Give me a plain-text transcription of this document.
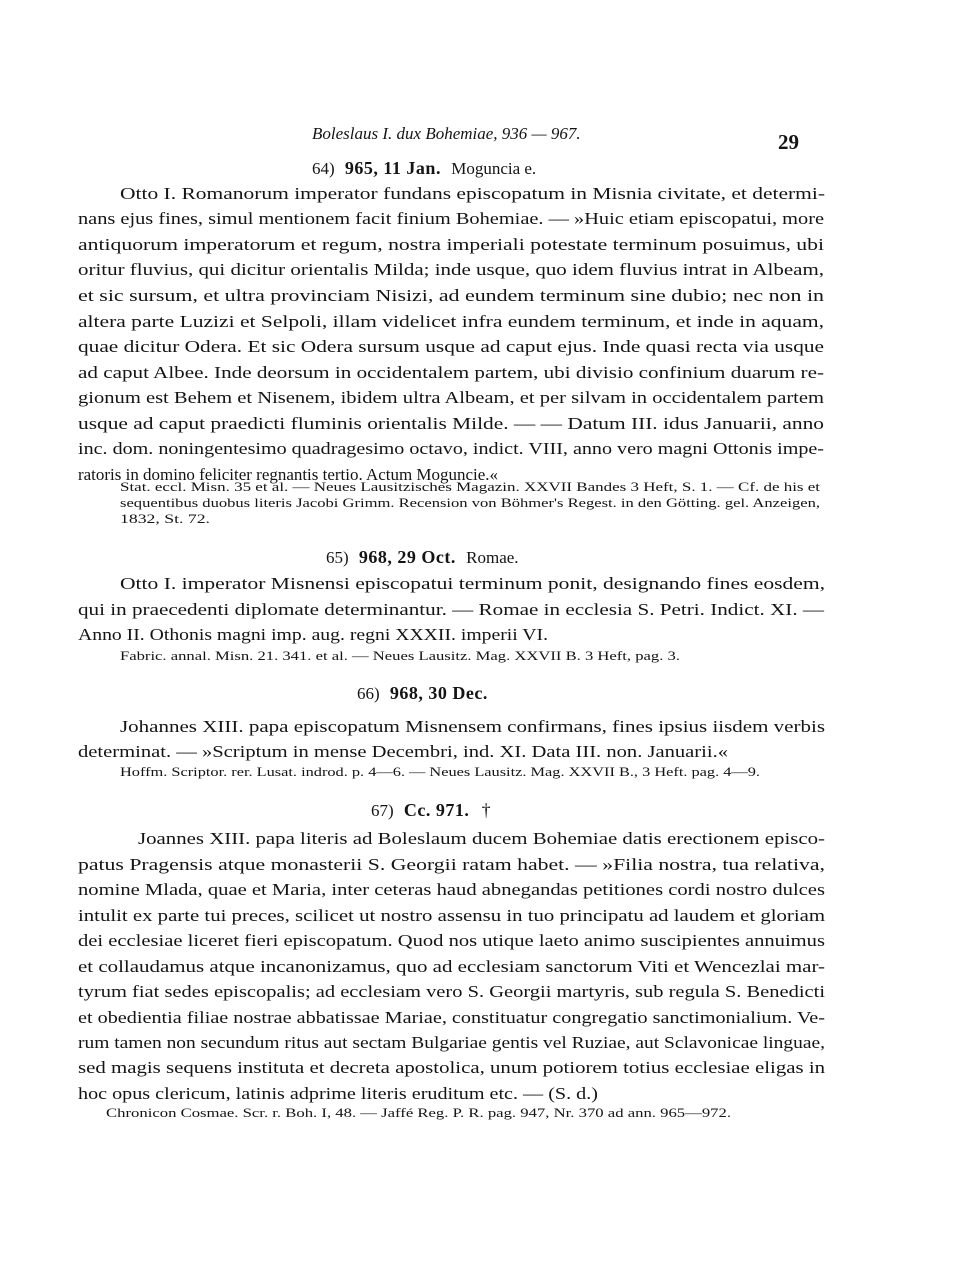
Boleslaus I. dux Bohemiae, 936 — 967.	29
64) 965, 11 Jan. Moguncia e.
Otto I. Romanorum imperator fundans episcopatum in Misnia civitate, et determi-
nans ejus fines, simul mentionem facit finium Bohemiae. — »Huic etiam episcopatui, more
antiquorum imperatorum et regum, nostra imperiali potestate terminum posuimus, ubi
oritur fluvius, qui dicitur orientalis Milda; inde usque, quo idem fluvius intrat in Albeam,
et sic sursum, et ultra provinciam Nisizi, ad eundem terminum sine dubio; nec non in
altera parte Luzizi et Selpoli, illam videlicet infra eundem terminum, et inde in aquam,
quae dicitur Odera. Et sic Odera sursum usque ad caput ejus. Inde quasi recta via usque
ad caput Albee. Inde deorsum in occidentalem partem, ubi divisio confinium duarum re-
gionum est Behem et Nisenem, ibidem ultra Albeam, et per silvam in occidentalem partem
usque ad caput praedicti fluminis orientalis Milde. — — Datum III. idus Januarii, anno
inc. dom. noningentesimo quadragesimo octavo, indict. VIII, anno vero magni Ottonis impe-
ratoris in domino feliciter regnantis tertio. Actum Moguncie.«
Stat. eccl. Misn. 35 et al. — Neues Lausitzisches Magazin. XXVII Bandes 3 Heft, S. 1. — Cf. de his et
sequentibus duobus literis Jacobi Grimm. Recension von Böhmer's Regest. in den Götting. gel. Anzeigen,
1832, St. 72.
65) 968, 29 Oct. Romae.
Otto I. imperator Misnensi episcopatui terminum ponit, designando fines eosdem,
qui in praecedenti diplomate determinantur. — Romae in ecclesia S. Petri. Indict. XI. —
Anno II. Othonis magni imp. aug. regni XXXII. imperii VI.
Fabric. annal. Misn. 21. 341. et al. — Neues Lausitz. Mag. XXVII B. 3 Heft, pag. 3.
66) 968, 30 Dec.
Johannes XIII. papa episcopatum Misnensem confirmans, fines ipsius iisdem verbis
determinat. — »Scriptum in mense Decembri, ind. XI. Data III. non. Januarii.«
Hoffm. Scriptor. rer. Lusat. indrod. p. 4—6. — Neues Lausitz. Mag. XXVII B., 3 Heft. pag. 4—9.
67) Cc. 971. †
Joannes XIII. papa literis ad Boleslaum ducem Bohemiae datis erectionem episco-
patus Pragensis atque monasterii S. Georgii ratam habet. — »Filia nostra, tua relativa,
nomine Mlada, quae et Maria, inter ceteras haud abnegandas petitiones cordi nostro dulces
intulit ex parte tui preces, scilicet ut nostro assensu in tuo principatu ad laudem et gloriam
dei ecclesiae liceret fieri episcopatum. Quod nos utique laeto animo suscipientes annuimus
et collaudamus atque incanonizamus, quo ad ecclesiam sanctorum Viti et Wencezlai mar-
tyrum fiat sedes episcopalis; ad ecclesiam vero S. Georgii martyris, sub regula S. Benedicti
et obedientia filiae nostrae abbatissae Mariae, constituatur congregatio sanctimonialium. Ve-
rum tamen non secundum ritus aut sectam Bulgariae gentis vel Ruziae, aut Sclavonicae linguae,
sed magis sequens instituta et decreta apostolica, unum potiorem totius ecclesiae eligas in
hoc opus clericum, latinis adprime literis eruditum etc. — (S. d.)
Chronicon Cosmae. Scr. r. Boh. I, 48. — Jaffé Reg. P. R. pag. 947, Nr. 370 ad ann. 965—972.
